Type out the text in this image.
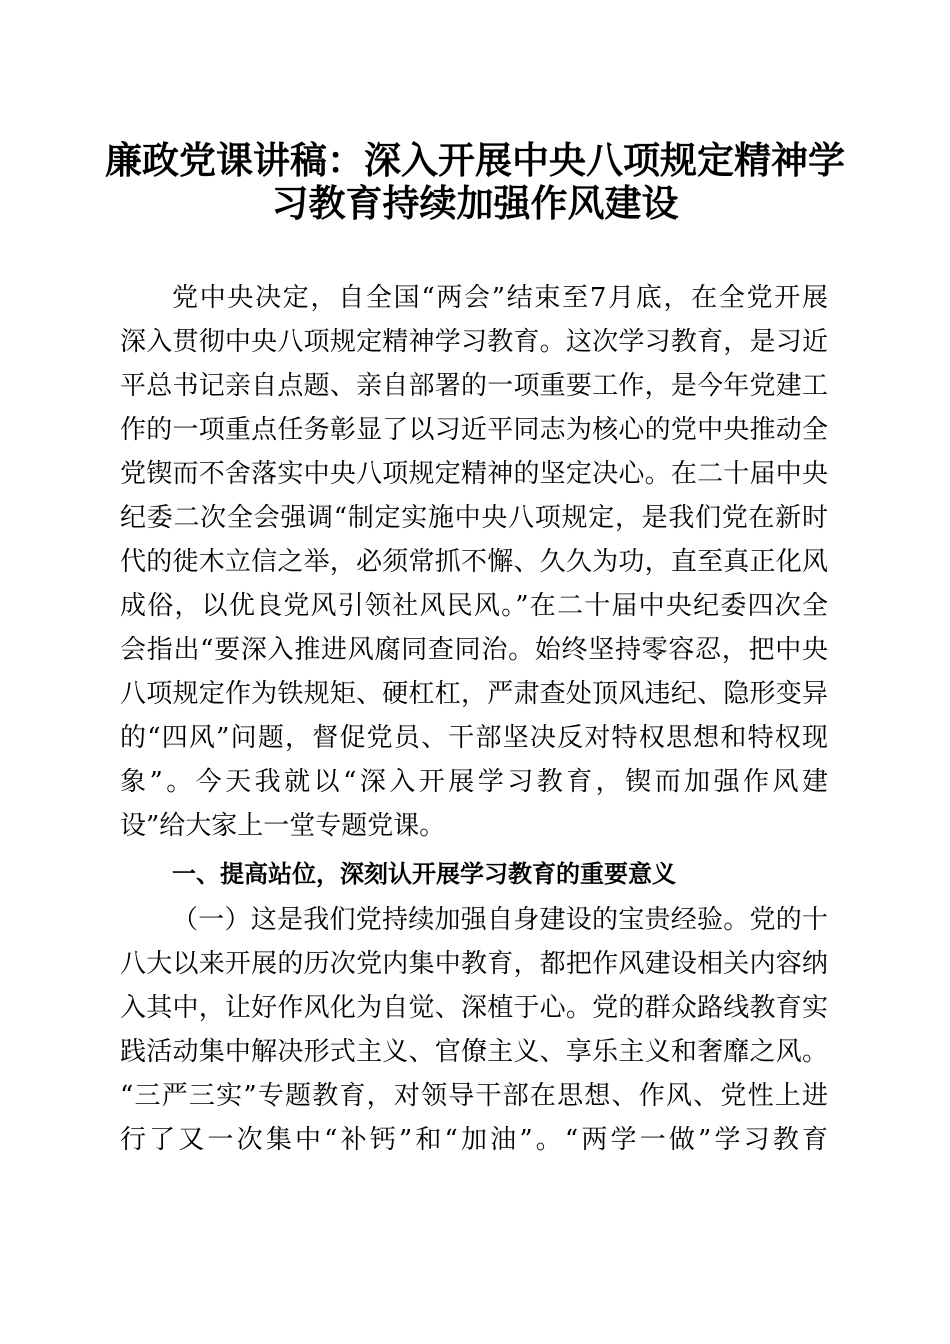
廉政党课讲稿：深入开展中央八项规定精神学
习教育持续加强作风建设
党中央决定，自全国“两会”结束至7月底，在全党开展
深入贯彻中央八项规定精神学习教育。这次学习教育，是习近
平总书记亲自点题、亲自部署的一项重要工作，是今年党建工
作的一项重点任务彰显了以习近平同志为核心的党中央推动全
党锲而不舍落实中央八项规定精神的坚定决心。在二十届中央
纪委二次全会强调“制定实施中央八项规定，是我们党在新时
代的徙木立信之举，必须常抓不懈、久久为功，直至真正化风
成俗，以优良党风引领社风民风。”在二十届中央纪委四次全
会指出“要深入推进风腐同查同治。始终坚持零容忍，把中央
八项规定作为铁规矩、硬杠杠，严肃查处顶风违纪、隐形变异
的“四风”问题，督促党员、干部坚决反对特权思想和特权现
象”。今天我就以“深入开展学习教育，锲而加强作风建
设”给大家上一堂专题党课。
一、提高站位，深刻认开展学习教育的重要意义
（一）这是我们党持续加强自身建设的宝贵经验。党的十
八大以来开展的历次党内集中教育，都把作风建设相关内容纳
入其中，让好作风化为自觉、深植于心。党的群众路线教育实
践活动集中解决形式主义、官僚主义、享乐主义和奢靡之风。
“三严三实”专题教育，对领导干部在思想、作风、党性上进
行了又一次集中“补钙”和“加油”。“两学一做”学习教育
